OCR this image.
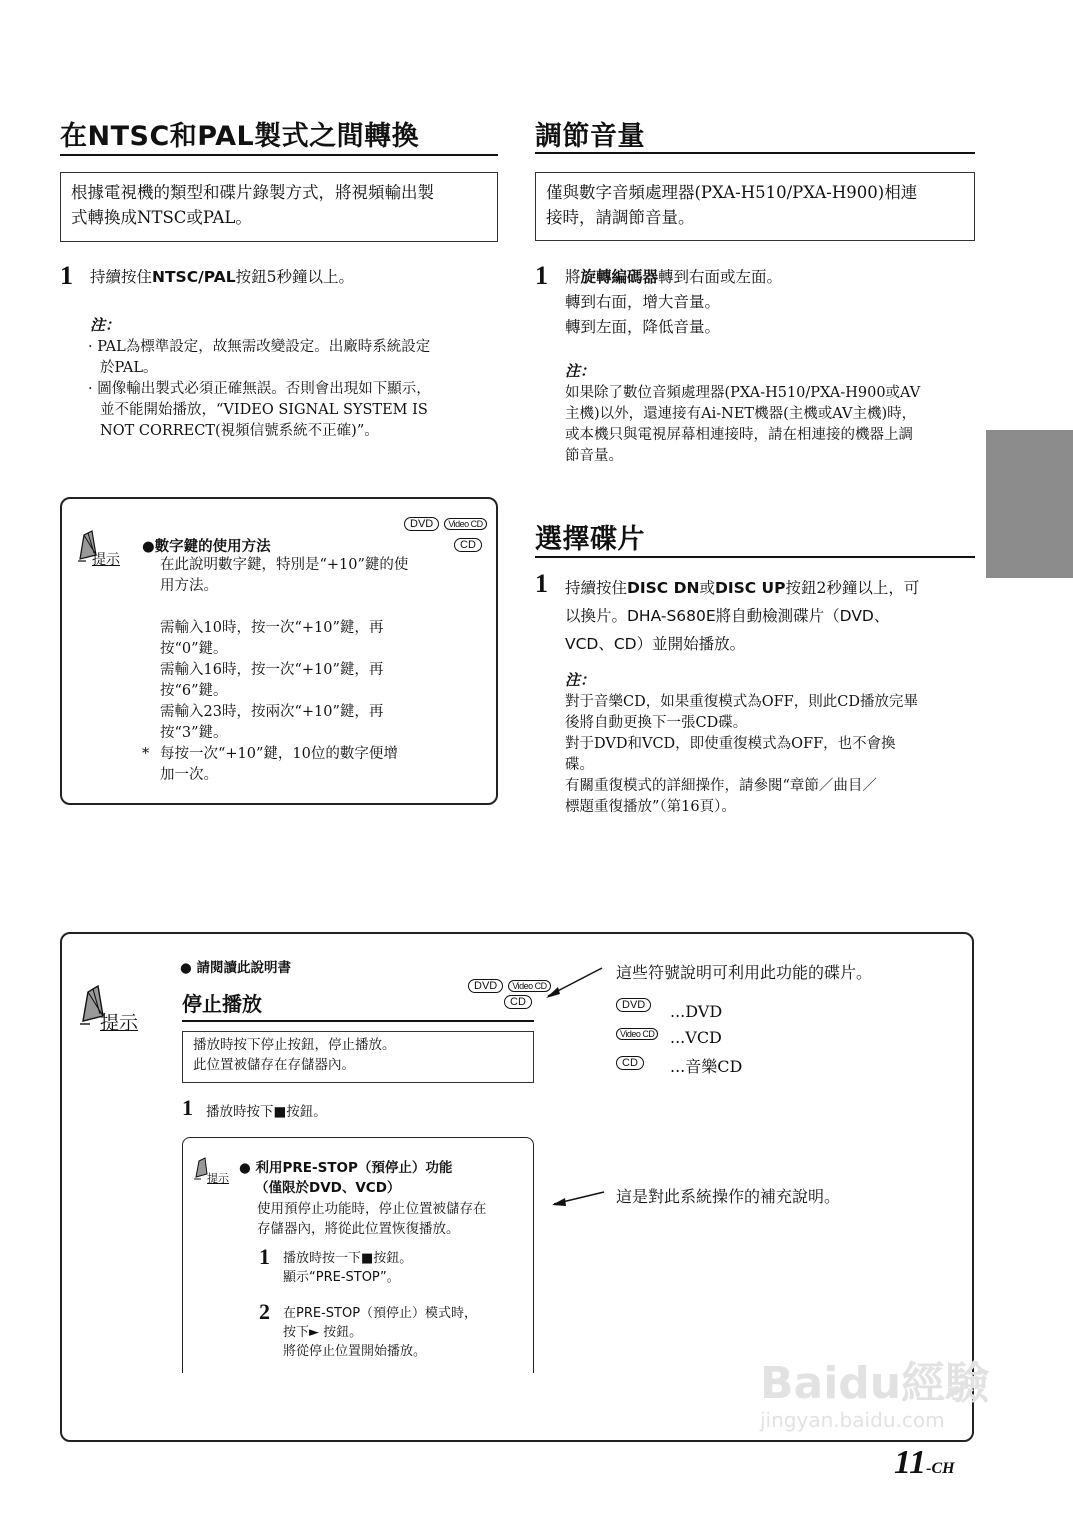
在NTSC和PAL製式之間轉換
根據電視機的類型和碟片錄製方式，將視頻輸出製
式轉換成NTSC或PAL。
1 持續按住NTSC/PAL按鈕5秒鐘以上。
注：
· PAL為標準設定，故無需改變設定。出廠時系統設定
於PAL。
· 圖像輸出製式必須正確無誤。否則會出現如下顯示，
並不能開始播放，“VIDEO SIGNAL SYSTEM IS
NOT CORRECT(視頻信號系統不正確)”。
提示
DVD Video CD
CD
●數字鍵的使用方法
在此說明數字鍵，特別是“+10”鍵的使
用方法。
需輸入10時，按一次“+10”鍵，再
按“0”鍵。
需輸入16時，按一次“+10”鍵，再
按“6”鍵。
需輸入23時，按兩次“+10”鍵，再
按“3”鍵。
* 每按一次“+10”鍵，10位的數字便增
加一次。
調節音量
僅與數字音頻處理器(PXA-H510/PXA-H900)相連
接時，請調節音量。
1 將旋轉編碼器轉到右面或左面。
轉到右面，增大音量。
轉到左面，降低音量。
注：
如果除了數位音頻處理器(PXA-H510/PXA-H900或AV
主機)以外，還連接有Ai-NET機器(主機或AV主機)時，
或本機只與電視屏幕相連接時，請在相連接的機器上調
節音量。
選擇碟片
1 持續按住DISC DN或DISC UP按鈕2秒鐘以上，可
以換片。DHA-S680E將自動檢測碟片（DVD、
VCD、CD）並開始播放。
注：
對于音樂CD，如果重復模式為OFF，則此CD播放完畢
後將自動更換下一張CD碟。
對于DVD和VCD，即使重復模式為OFF，也不會換
碟。
有關重復模式的詳細操作，請參閱“章節／曲目／
標題重復播放”（第16頁）。
提示
● 請閱讀此說明書
DVD Video CD
CD
停止播放
播放時按下停止按鈕，停止播放。
此位置被儲存在存儲器內。
1 播放時按下■按鈕。
提示
● 利用PRE-STOP（預停止）功能
（僅限於DVD、VCD）
使用預停止功能時，停止位置被儲存在
存儲器內，將從此位置恢復播放。
1 播放時按一下■按鈕。
顯示“PRE-STOP”。
2 在PRE-STOP（預停止）模式時，
按下► 按鈕。
將從停止位置開始播放。
這些符號說明可利用此功能的碟片。
DVD	...DVD
Video CD ...VCD
CD	...音樂CD
這是對此系統操作的補充說明。
Baidu經驗
jingyan.baidu.com
11-CH
